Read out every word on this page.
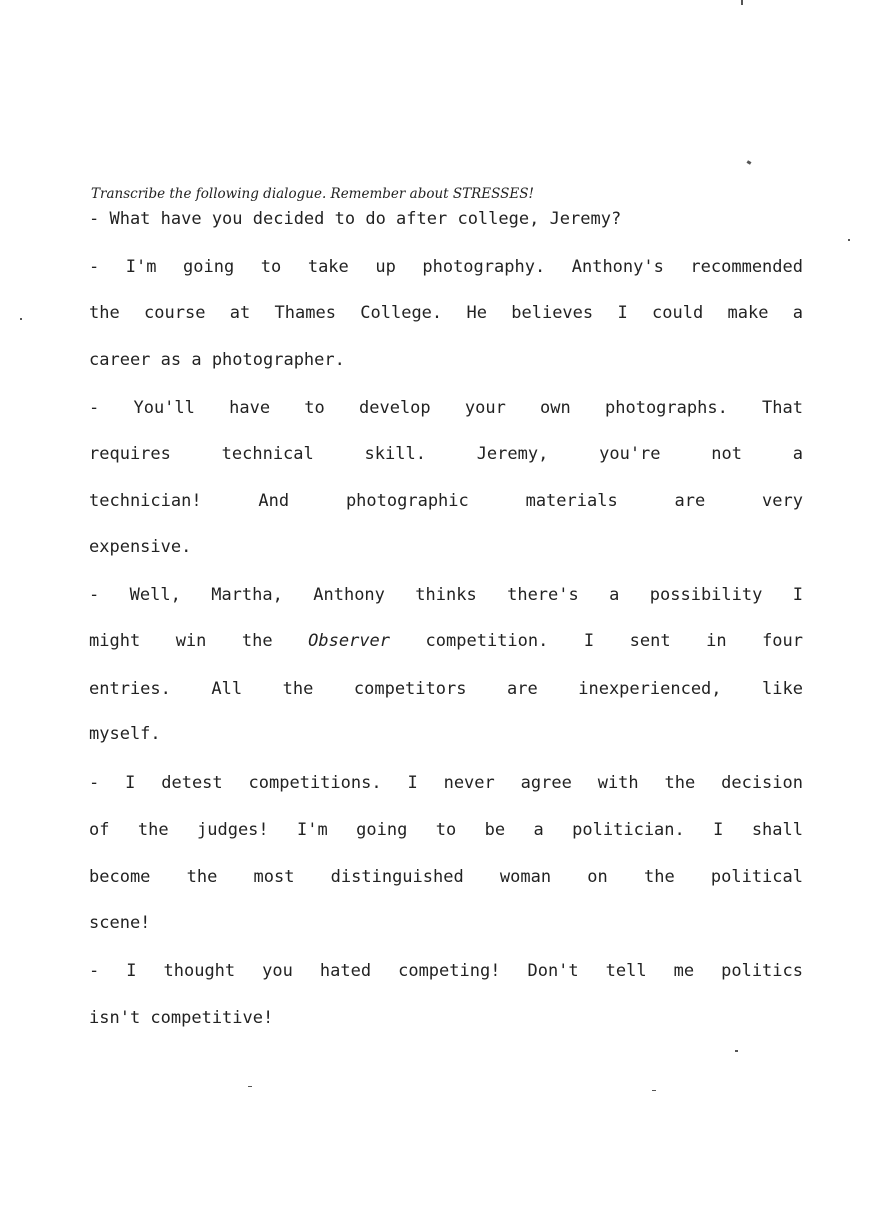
Transcribe the following dialogue. Remember about STRESSES!
- What have you decided to do after college, Jeremy?
- I'm going to take up photography. Anthony's recommended
the course at Thames College. He believes I could make a
career as a photographer.
- You'll have to develop your own photographs. That
requires technical skill. Jeremy, you're not a
technician! And photographic materials are very
expensive.
- Well, Martha, Anthony thinks there's a possibility I
might win the Observer competition. I sent in four
entries. All the competitors are inexperienced, like
myself.
- I detest competitions. I never agree with the decision
of the judges! I'm going to be a politician. I shall
become the most distinguished woman on the political
scene!
- I thought you hated competing! Don't tell me politics
isn't competitive!
